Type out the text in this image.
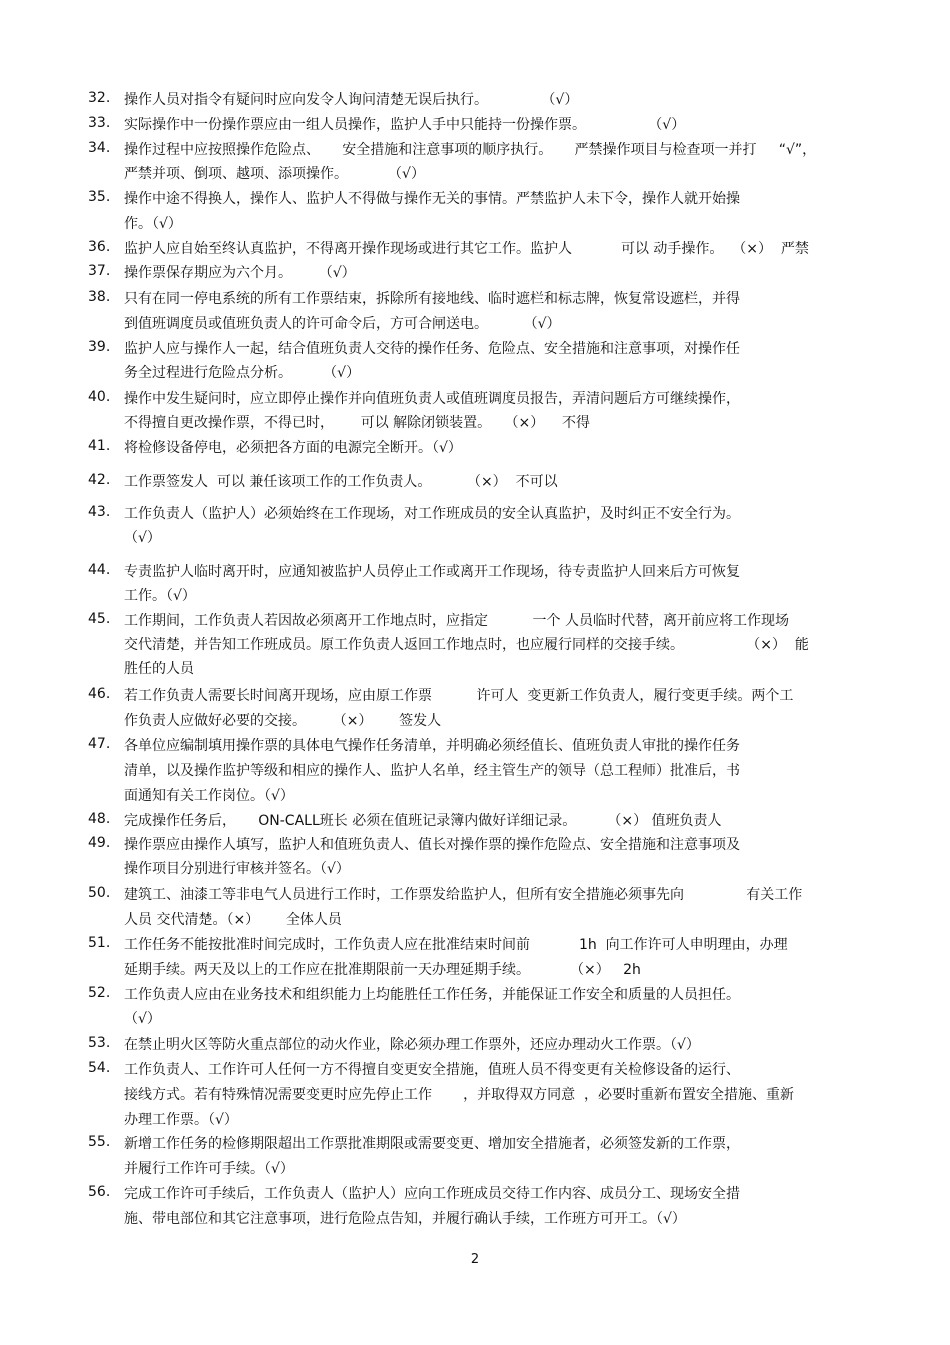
32. 操作人员对指令有疑问时应向发令人询问清楚无误后执行。            （√）
33. 实际操作中一份操作票应由一组人员操作，监护人手中只能持一份操作票。              （√）
34. 操作过程中应按照操作危险点、     安全措施和注意事项的顺序执行。     严禁操作项目与检查项一并打     “√”，
严禁并项、倒项、越项、添项操作。         （√）
35. 操作中途不得换人，操作人、监护人不得做与操作无关的事情。严禁监护人未下令，操作人就开始操
作。（√）
36. 监护人应自始至终认真监护，不得离开操作现场或进行其它工作。监护人           可以 动手操作。  （×）  严禁
37. 操作票保存期应为六个月。      （√）
38. 只有在同一停电系统的所有工作票结束，拆除所有接地线、临时遮栏和标志牌，恢复常设遮栏，并得
到值班调度员或值班负责人的许可命令后，方可合闸送电。        （√）
39. 监护人应与操作人一起，结合值班负责人交待的操作任务、危险点、安全措施和注意事项，对操作任
务全过程进行危险点分析。       （√）
40. 操作中发生疑问时，应立即停止操作并向值班负责人或值班调度员报告，弄清问题后方可继续操作，
不得擅自更改操作票，不得已时，      可以 解除闭锁装置。   （×）    不得
41. 将检修设备停电，必须把各方面的电源完全断开。（√）
42. 工作票签发人  可以 兼任该项工作的工作负责人。        （×）  不可以
43. 工作负责人（监护人）必须始终在工作现场，对工作班成员的安全认真监护，及时纠正不安全行为。
（√）
44. 专责监护人临时离开时，应通知被监护人员停止工作或离开工作现场，待专责监护人回来后方可恢复
工作。（√）
45. 工作期间，工作负责人若因故必须离开工作地点时，应指定          一个 人员临时代替，离开前应将工作现场
交代清楚，并告知工作班成员。原工作负责人返回工作地点时，也应履行同样的交接手续。              （×）  能
胜任的人员
46. 若工作负责人需要长时间离开现场，应由原工作票          许可人  变更新工作负责人，履行变更手续。两个工
作负责人应做好必要的交接。      （×）      签发人
47. 各单位应编制填用操作票的具体电气操作任务清单，并明确必须经值长、值班负责人审批的操作任务
清单，以及操作监护等级和相应的操作人、监护人名单，经主管生产的领导（总工程师）批准后，书
面通知有关工作岗位。（√）
48. 完成操作任务后，     ON-CALL班长 必须在值班记录簿内做好详细记录。       （×） 值班负责人
49. 操作票应由操作人填写，监护人和值班负责人、值长对操作票的操作危险点、安全措施和注意事项及
操作项目分别进行审核并签名。（√）
50. 建筑工、油漆工等非电气人员进行工作时，工作票发给监护人，但所有安全措施必须事先向              有关工作
人员 交代清楚。（×）      全体人员
51. 工作任务不能按批准时间完成时，工作负责人应在批准结束时间前           1h  向工作许可人申明理由，办理
延期手续。两天及以上的工作应在批准期限前一天办理延期手续。         （×）   2h
52. 工作负责人应由在业务技术和组织能力上均能胜任工作任务，并能保证工作安全和质量的人员担任。
（√）
53. 在禁止明火区等防火重点部位的动火作业，除必须办理工作票外，还应办理动火工作票。（√）
54. 工作负责人、工作许可人任何一方不得擅自变更安全措施，值班人员不得变更有关检修设备的运行、
接线方式。若有特殊情况需要变更时应先停止工作       ，并取得双方同意  ，必要时重新布置安全措施、重新
办理工作票。（√）
55. 新增工作任务的检修期限超出工作票批准期限或需要变更、增加安全措施者，必须签发新的工作票，
并履行工作许可手续。（√）
56. 完成工作许可手续后，工作负责人（监护人）应向工作班成员交待工作内容、成员分工、现场安全措
施、带电部位和其它注意事项，进行危险点告知，并履行确认手续，工作班方可开工。（√）
2
